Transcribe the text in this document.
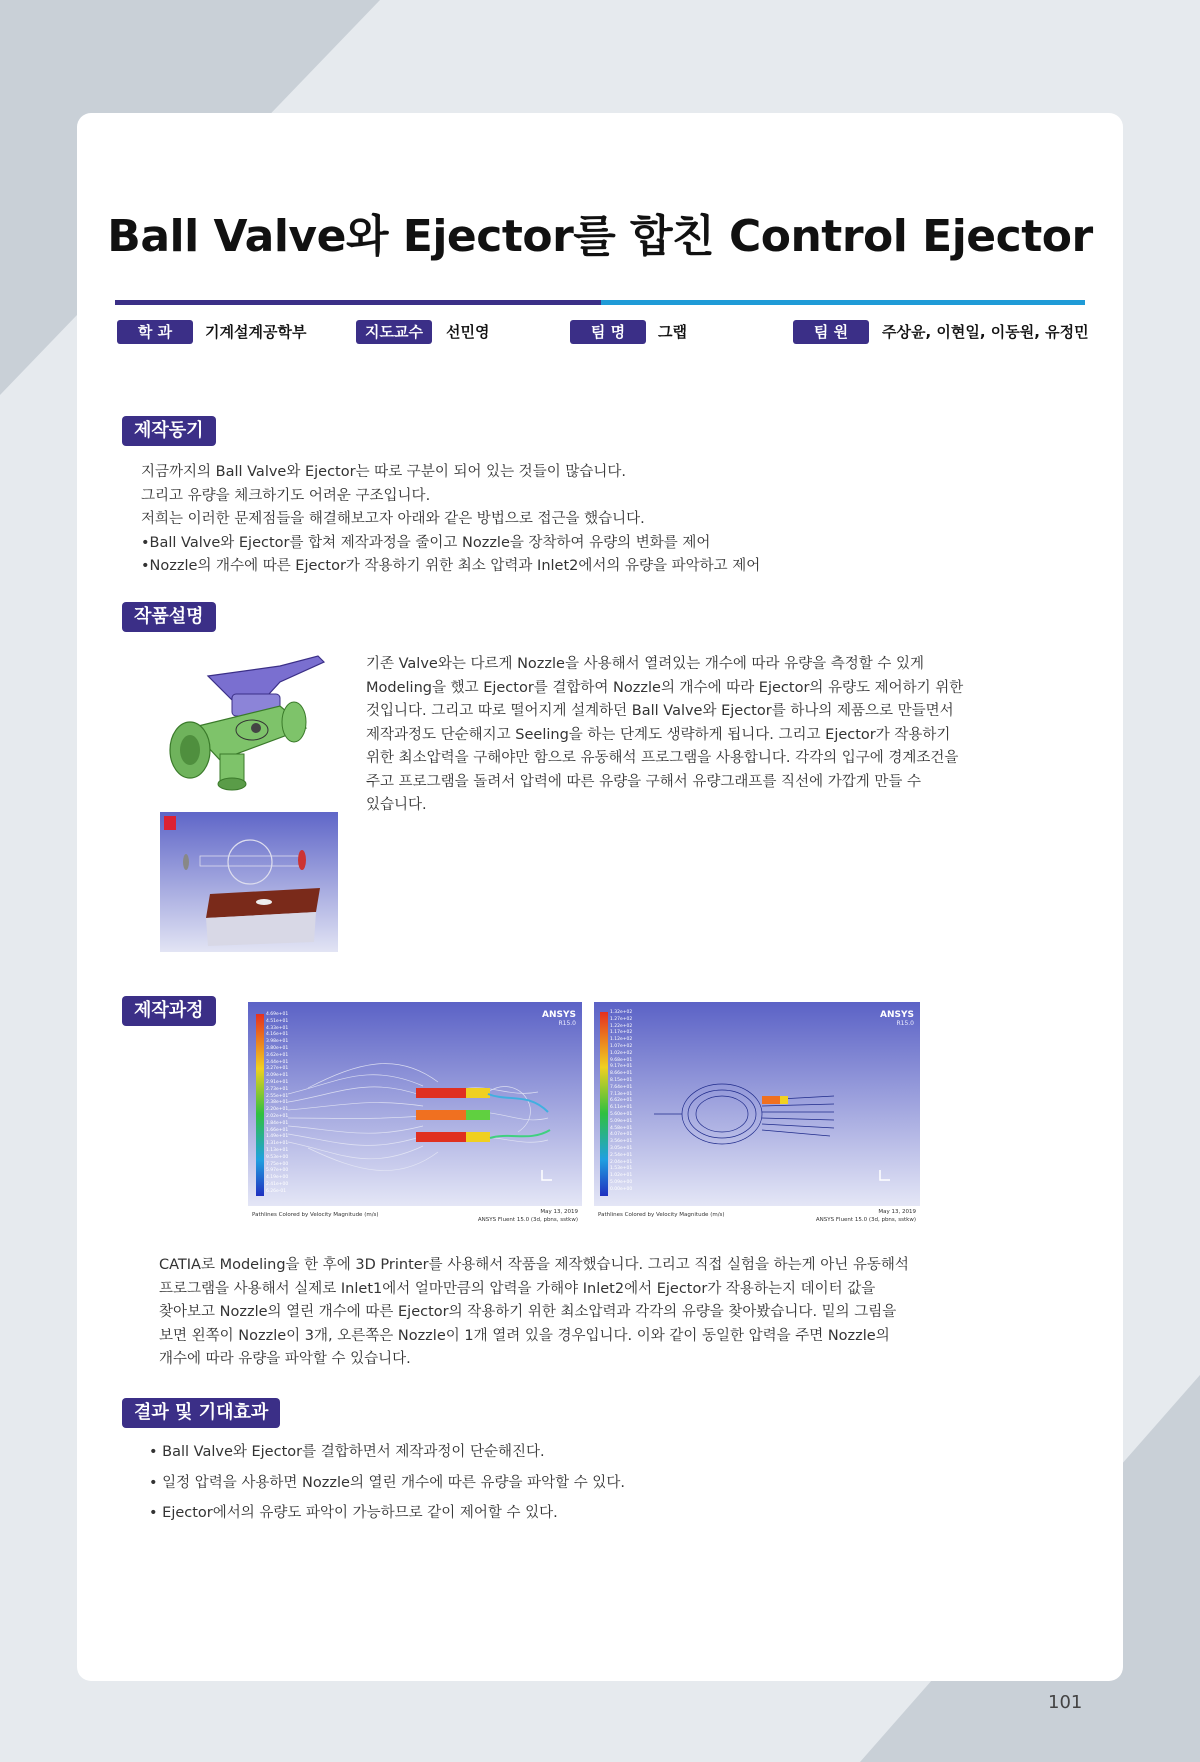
Ball Valve와 Ejector를 합친 Control Ejector
학 과	기계설계공학부	지도교수	선민영	팀 명	그랩	팀 원	주상윤, 이현일, 이동원, 유정민
제작동기

지금까지의 Ball Valve와 Ejector는 따로 구분이 되어 있는 것들이 많습니다.

그리고 유량을 체크하기도 어려운 구조입니다.

저희는 이러한 문제점들을 해결해보고자 아래와 같은 방법으로 접근을 했습니다.

•Ball Valve와 Ejector를 합쳐 제작과정을 줄이고 Nozzle을 장착하여 유량의 변화를 제어

•Nozzle의 개수에 따른 Ejector가 작용하기 위한 최소 압력과 Inlet2에서의 유량을 파악하고 제어

작품설명

기존 Valve와는 다르게 Nozzle을 사용해서 열려있는 개수에 따라 유량을 측정할 수 있게

Modeling을 했고 Ejector를 결합하여 Nozzle의 개수에 따라 Ejector의 유량도 제어하기 위한

것입니다. 그리고 따로 떨어지게 설계하던 Ball Valve와 Ejector를 하나의 제품으로 만들면서

제작과정도 단순해지고 Seeling을 하는 단계도 생략하게 됩니다. 그리고 Ejector가 작용하기

위한 최소압력을 구해야만 함으로 유동해석 프로그램을 사용합니다. 각각의 입구에 경계조건을

주고 프로그램을 돌려서 압력에 따른 유량을 구해서 유량그래프를 직선에 가깝게 만들 수

있습니다.

제작과정	ANSYS
R15.0
Pathlines Colored by Velocity Magnitude (m/s)	May 13, 2019
ANSYS Fluent 15.0 (3d, pbns, sstkw)
4.69e+01
4.51e+01
4.33e+01
4.16e+01
3.98e+01
3.80e+01
3.62e+01
3.44e+01
3.27e+01
3.09e+01
2.91e+01
2.73e+01
2.55e+01
2.38e+01
2.20e+01
2.02e+01
1.84e+01
1.66e+01
1.49e+01
1.31e+01
1.13e+01
9.53e+00
7.75e+00
5.97e+00
4.19e+00
2.41e+00
6.26e-01
ANSYS
R15.0
Pathlines Colored by Velocity Magnitude (m/s)	May 13, 2019
ANSYS Fluent 15.0 (3d, pbns, sstkw)
1.32e+02
1.27e+02
1.22e+02
1.17e+02
1.12e+02
1.07e+02
1.02e+02
9.68e+01
9.17e+01
8.66e+01
8.15e+01
7.64e+01
7.13e+01
6.62e+01
6.11e+01
5.60e+01
5.09e+01
4.58e+01
4.07e+01
3.56e+01
3.05e+01
2.54e+01
2.04e+01
1.53e+01
1.02e+01
5.09e+00
0.00e+00

CATIA로 Modeling을 한 후에 3D Printer를 사용해서 작품을 제작했습니다. 그리고 직접 실험을 하는게 아닌 유동해석

프로그램을 사용해서 실제로 Inlet1에서 얼마만큼의 압력을 가해야 Inlet2에서 Ejector가 작용하는지 데이터 값을

찾아보고 Nozzle의 열린 개수에 따른 Ejector의 작용하기 위한 최소압력과 각각의 유량을 찾아봤습니다. 밑의 그림을

보면 왼쪽이 Nozzle이 3개, 오른쪽은 Nozzle이 1개 열려 있을 경우입니다. 이와 같이 동일한 압력을 주면 Nozzle의

개수에 따라 유량을 파악할 수 있습니다.

결과 및 기대효과

• Ball Valve와 Ejector를 결합하면서 제작과정이 단순해진다.

• 일정 압력을 사용하면 Nozzle의 열린 개수에 따른 유량을 파악할 수 있다.

• Ejector에서의 유량도 파악이 가능하므로 같이 제어할 수 있다.

101
